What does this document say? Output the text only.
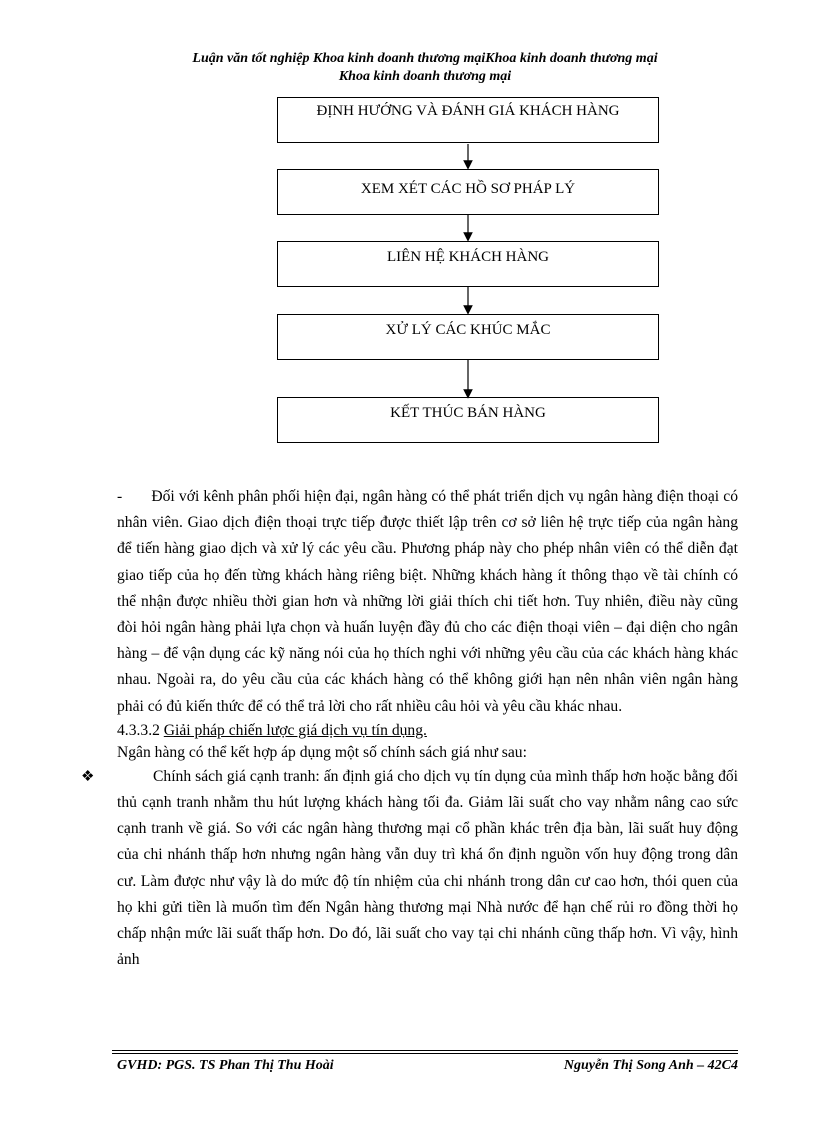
Luận văn tốt nghiệp Khoa kinh doanh thương mạiKhoa kinh doanh thương mại
Khoa kinh doanh thương mại
ĐỊNH HƯỚNG VÀ ĐÁNH GIÁ KHÁCH HÀNG
XEM XÉT CÁC HỒ SƠ PHÁP LÝ
LIÊN HỆ KHÁCH HÀNG
XỬ LÝ CÁC KHÚC MẮC
KẾT THÚC BÁN HÀNG

-       Đối với kênh phân phối hiện đại, ngân hàng có thể phát triển dịch vụ ngân hàng điện thoại có nhân viên. Giao dịch điện thoại trực tiếp được thiết lập trên cơ sở liên hệ trực tiếp của ngân hàng để tiến hàng giao dịch và xử lý các yêu cầu. Phương pháp này cho phép nhân viên có thể diễn đạt giao tiếp của họ đến từng khách hàng riêng biệt. Những khách hàng ít thông thạo về tài chính có thể nhận được nhiều thời gian hơn và những lời giải thích chi tiết hơn. Tuy nhiên, điều này cũng đòi hỏi ngân hàng phải lựa chọn và huấn luyện đầy đủ cho các điện thoại viên – đại diện cho ngân hàng – để vận dụng các kỹ năng nói của họ thích nghi với những yêu cầu của các khách hàng khác nhau. Ngoài ra, do yêu cầu của các khách hàng có thể không giới hạn nên nhân viên ngân hàng phải có đủ kiến thức để có thể trả lời cho rất nhiều câu hỏi và yêu cầu khác nhau.

4.3.3.2 Giải pháp chiến lược giá dịch vụ tín dụng.

Ngân hàng có thể kết hợp áp dụng một số chính sách giá như sau:

❖	Chính sách giá cạnh tranh: ấn định giá cho dịch vụ tín dụng của mình thấp hơn hoặc bằng đối thủ cạnh tranh nhằm thu hút lượng khách hàng tối đa. Giảm lãi suất cho vay nhằm nâng cao sức cạnh tranh về giá. So với các ngân hàng thương mại cổ phần khác trên địa bàn, lãi suất huy động của chi nhánh thấp hơn nhưng ngân hàng vẫn duy trì khá ổn định nguồn vốn huy động trong dân cư. Làm được như vậy là do mức độ tín nhiệm của chi nhánh trong dân cư cao hơn, thói quen của họ khi gửi tiền là muốn tìm đến Ngân hàng thương mại Nhà nước để hạn chế rủi ro đồng thời họ chấp nhận mức lãi suất thấp hơn. Do đó, lãi suất cho vay tại chi nhánh cũng thấp hơn. Vì vậy, hình ảnh

GVHD: PGS. TS Phan Thị Thu Hoài	Nguyễn Thị Song Anh – 42C4
